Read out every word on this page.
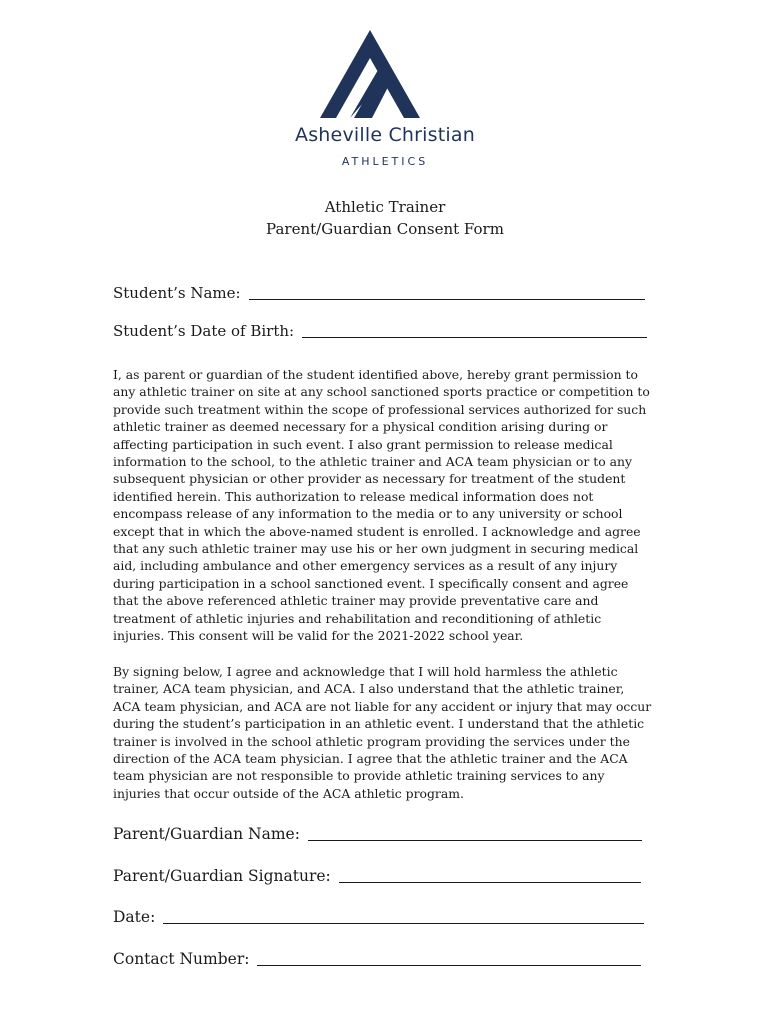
Asheville Christian
ATHLETICS
Athletic Trainer
Parent/Guardian Consent Form
Student’s Name:
Student’s Date of Birth:

I, as parent or guardian of the student identified above, hereby grant permission to any athletic trainer on site at any school sanctioned sports practice or competition to provide such treatment within the scope of professional services authorized for such athletic trainer as deemed necessary for a physical condition arising during or affecting participation in such event. I also grant permission to release medical information to the school, to the athletic trainer and ACA team physician or to any subsequent physician or other provider as necessary for treatment of the student identified herein. This authorization to release medical information does not encompass release of any information to the media or to any university or school except that in which the above-named student is enrolled. I acknowledge and agree that any such athletic trainer may use his or her own judgment in securing medical aid, including ambulance and other emergency services as a result of any injury during participation in a school sanctioned event. I specifically consent and agree that the above referenced athletic trainer may provide preventative care and treatment of athletic injuries and rehabilitation and reconditioning of athletic injuries. This consent will be valid for the 2021-2022 school year.

By signing below, I agree and acknowledge that I will hold harmless the athletic trainer, ACA team physician, and ACA. I also understand that the athletic trainer, ACA team physician, and ACA are not liable for any accident or injury that may occur during the student’s participation in an athletic event. I understand that the athletic trainer is involved in the school athletic program providing the services under the direction of the ACA team physician. I agree that the athletic trainer and the ACA team physician are not responsible to provide athletic training services to any injuries that occur outside of the ACA athletic program.

Parent/Guardian Name:
Parent/Guardian Signature:
Date:
Contact Number:
